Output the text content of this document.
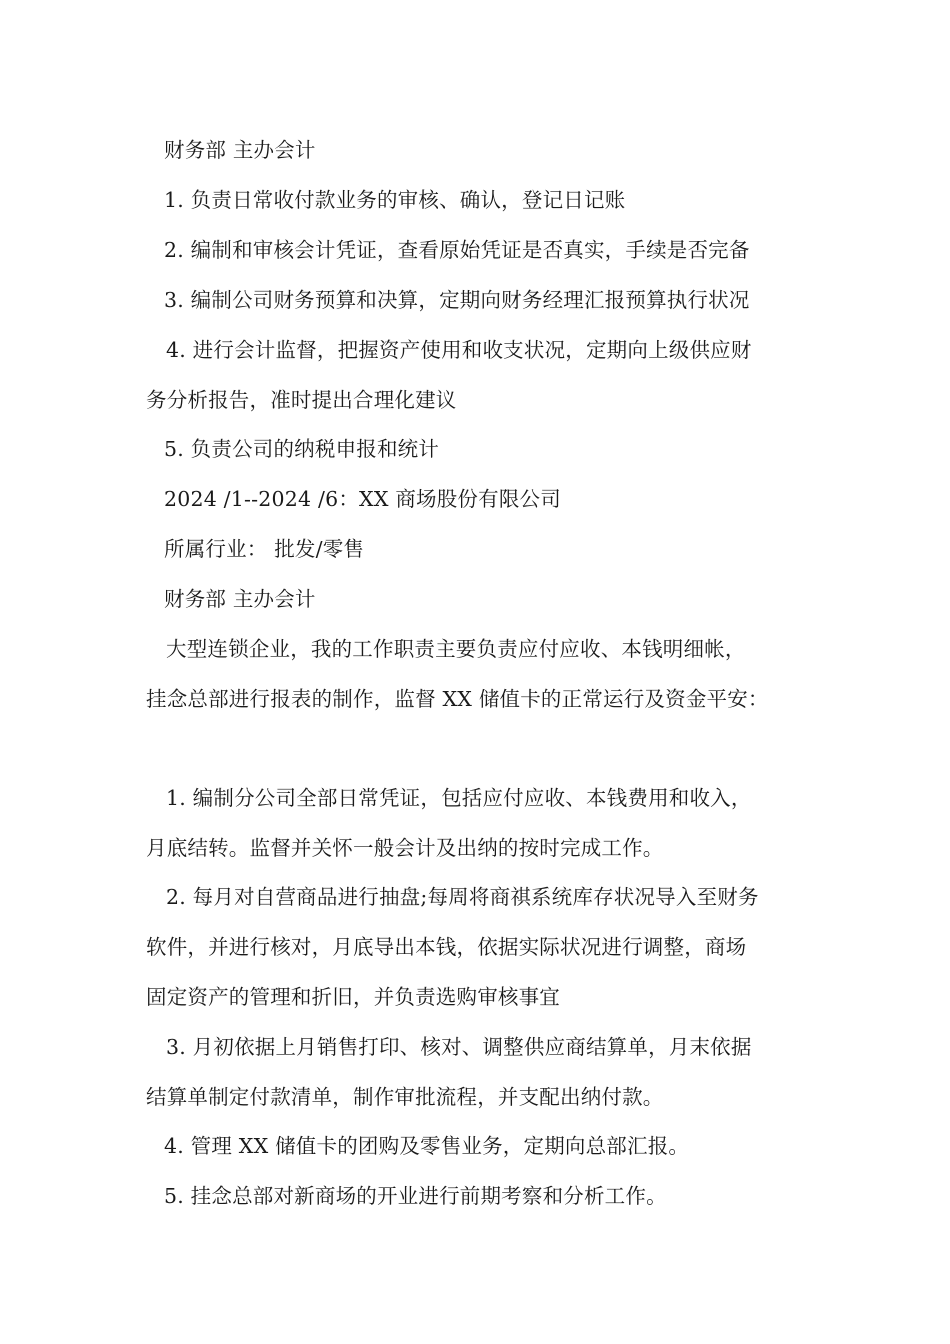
财务部 主办会计
1. 负责日常收付款业务的审核、确认，登记日记账
2. 编制和审核会计凭证，查看原始凭证是否真实，手续是否完备
3. 编制公司财务预算和决算，定期向财务经理汇报预算执行状况
4. 进行会计监督，把握资产使用和收支状况，定期向上级供应财
务分析报告，准时提出合理化建议
5. 负责公司的纳税申报和统计
2024 /1--2024 /6：XX 商场股份有限公司
所属行业： 批发/零售
财务部 主办会计
大型连锁企业，我的工作职责主要负责应付应收、本钱明细帐，
挂念总部进行报表的制作，监督 XX 储值卡的正常运行及资金平安：
1. 编制分公司全部日常凭证，包括应付应收、本钱费用和收入，
月底结转。监督并关怀一般会计及出纳的按时完成工作。
2. 每月对自营商品进行抽盘;每周将商祺系统库存状况导入至财务
软件，并进行核对，月底导出本钱，依据实际状况进行调整，商场
固定资产的管理和折旧，并负责选购审核事宜
3. 月初依据上月销售打印、核对、调整供应商结算单，月末依据
结算单制定付款清单，制作审批流程，并支配出纳付款。
4. 管理 XX 储值卡的团购及零售业务，定期向总部汇报。
5. 挂念总部对新商场的开业进行前期考察和分析工作。
